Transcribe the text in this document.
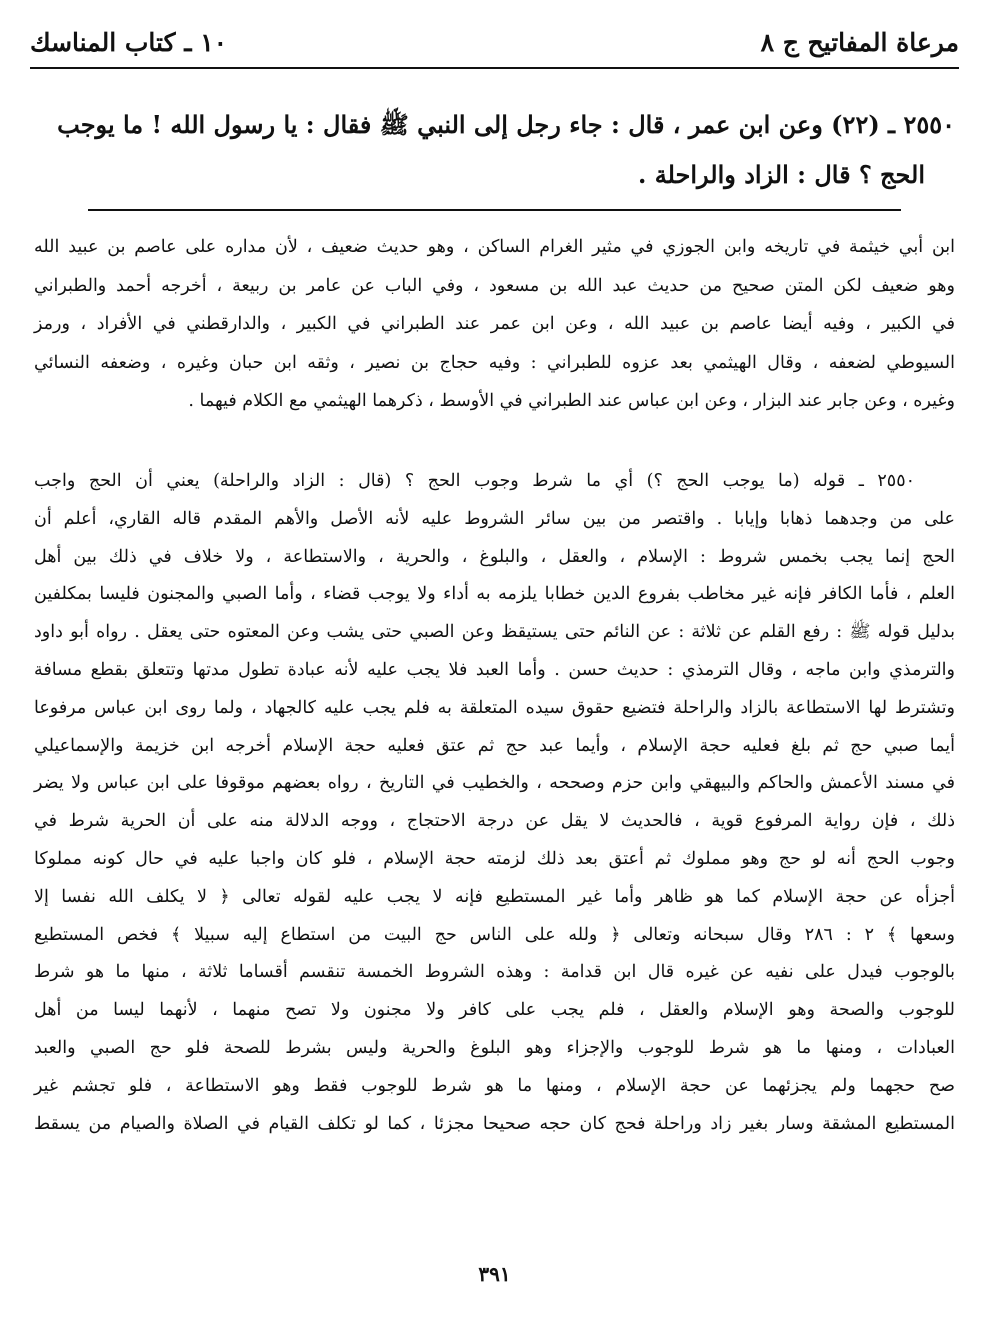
مرعاة المفاتيح ج ٨
١٠ ـ كتاب المناسك
٢٥٥٠ ـ (٢٢) وعن ابن عمر ، قال : جاء رجل إلى النبي ﷺ فقال : يا رسول الله ! ما يوجب
الحج ؟ قال : الزاد والراحلة .

ابن أبي خيثمة في تاريخه وابن الجوزي في مثير الغرام الساكن ، وهو حديث ضعيف ، لأن مداره على عاصم بن عبيد الله

وهو ضعيف لكن المتن صحيح من حديث عبد الله بن مسعود ، وفي الباب عن عامر بن ربيعة ، أخرجه أحمد والطبراني

في الكبير ، وفيه أيضا عاصم بن عبيد الله ، وعن ابن عمر عند الطبراني في الكبير ، والدارقطني في الأفراد ، ورمز

السيوطي لضعفه ، وقال الهيثمي بعد عزوه للطبراني : وفيه حجاج بن نصير ، وثقه ابن حبان وغيره ، وضعفه النسائي

وغيره ، وعن جابر عند البزار ، وعن ابن عباس عند الطبراني في الأوسط ، ذكرهما الهيثمي مع الكلام فيهما .

٢٥٥٠ ـ قوله (ما يوجب الحج ؟) أي ما شرط وجوب الحج ؟ (قال : الزاد والراحلة) يعني أن الحج واجب

على من وجدهما ذهابا وإيابا . واقتصر من بين سائر الشروط عليه لأنه الأصل والأهم المقدم قاله القاري، أعلم أن

الحج إنما يجب بخمس شروط : الإسلام ، والعقل ، والبلوغ ، والحرية ، والاستطاعة ، ولا خلاف في ذلك بين أهل

العلم ، فأما الكافر فإنه غير مخاطب بفروع الدين خطابا يلزمه به أداء ولا يوجب قضاء ، وأما الصبي والمجنون فليسا بمكلفين

بدليل قوله ﷺ : رفع القلم عن ثلاثة : عن النائم حتى يستيقظ وعن الصبي حتى يشب وعن المعتوه حتى يعقل . رواه أبو داود

والترمذي وابن ماجه ، وقال الترمذي : حديث حسن . وأما العبد فلا يجب عليه لأنه عبادة تطول مدتها وتتعلق بقطع مسافة

وتشترط لها الاستطاعة بالزاد والراحلة فتضيع حقوق سيده المتعلقة به فلم يجب عليه كالجهاد ، ولما روى ابن عباس مرفوعا

أيما صبي حج ثم بلغ فعليه حجة الإسلام ، وأيما عبد حج ثم عتق فعليه حجة الإسلام أخرجه ابن خزيمة والإسماعيلي

في مسند الأعمش والحاكم والبيهقي وابن حزم وصححه ، والخطيب في التاريخ ، رواه بعضهم موقوفا على ابن عباس ولا يضر

ذلك ، فإن رواية المرفوع قوية ، فالحديث لا يقل عن درجة الاحتجاج ، ووجه الدلالة منه على أن الحرية شرط في

وجوب الحج أنه لو حج وهو مملوك ثم أعتق بعد ذلك لزمته حجة الإسلام ، فلو كان واجبا عليه في حال كونه مملوكا

أجزأه عن حجة الإسلام كما هو ظاهر وأما غير المستطيع فإنه لا يجب عليه لقوله تعالى ﴿ لا يكلف الله نفسا إلا

وسعها ﴾ ٢ : ٢٨٦ وقال سبحانه وتعالى ﴿ ولله على الناس حج البيت من استطاع إليه سبيلا ﴾ فخص المستطيع

بالوجوب فيدل على نفيه عن غيره قال ابن قدامة : وهذه الشروط الخمسة تنقسم أقساما ثلاثة ، منها ما هو شرط

للوجوب والصحة وهو الإسلام والعقل ، فلم يجب على كافر ولا مجنون ولا تصح منهما ، لأنهما ليسا من أهل

العبادات ، ومنها ما هو شرط للوجوب والإجزاء وهو البلوغ والحرية وليس بشرط للصحة فلو حج الصبي والعبد

صح حجهما ولم يجزئهما عن حجة الإسلام ، ومنها ما هو شرط للوجوب فقط وهو الاستطاعة ، فلو تجشم غير

المستطيع المشقة وسار بغير زاد وراحلة فحج كان حجه صحيحا مجزئا ، كما لو تكلف القيام في الصلاة والصيام من يسقط

٣٩١
